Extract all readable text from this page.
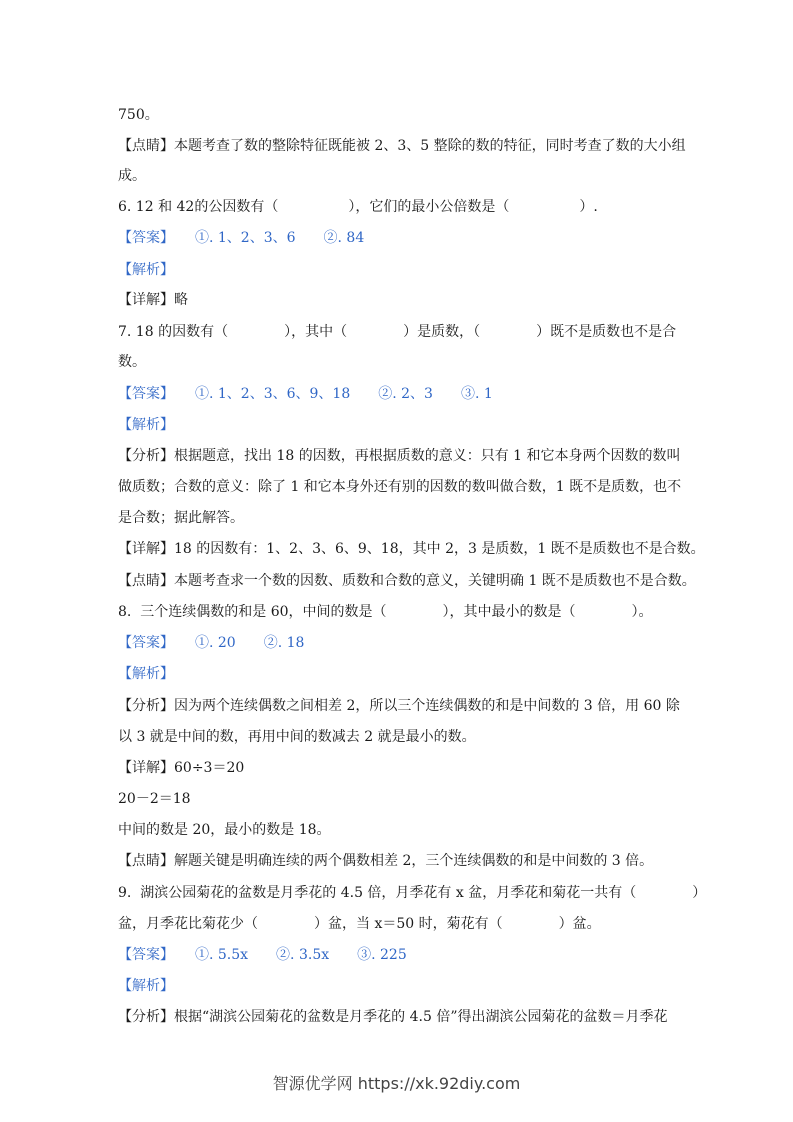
750。
【点睛】本题考查了数的整除特征既能被 2、3、5 整除的数的特征，同时考查了数的大小组
成。
6. 12 和 42的公因数有（　　　　　），它们的最小公倍数是（　　　　　）.
【答案】　　①. 1、2、3、6　　②. 84
【解析】
【详解】略
7. 18 的因数有（　　　　），其中（　　　　）是质数，（　　　　）既不是质数也不是合
数。
【答案】　　①. 1、2、3、6、9、18　　②. 2、3　　③. 1
【解析】
【分析】根据题意，找出 18 的因数，再根据质数的意义：只有 1 和它本身两个因数的数叫
做质数；合数的意义：除了 1 和它本身外还有别的因数的数叫做合数，1 既不是质数，也不
是合数；据此解答。
【详解】18 的因数有：1、2、3、6、9、18，其中 2，3 是质数，1 既不是质数也不是合数。
【点睛】本题考查求一个数的因数、质数和合数的意义，关键明确 1 既不是质数也不是合数。
8.  三个连续偶数的和是 60，中间的数是（　　　　），其中最小的数是（　　　　）。
【答案】　　①. 20　　②. 18
【解析】
【分析】因为两个连续偶数之间相差 2，所以三个连续偶数的和是中间数的 3 倍，用 60 除
以 3 就是中间的数，再用中间的数减去 2 就是最小的数。
【详解】60÷3＝20
20－2＝18
中间的数是 20，最小的数是 18。
【点睛】解题关键是明确连续的两个偶数相差 2，三个连续偶数的和是中间数的 3 倍。
9.  湖滨公园菊花的盆数是月季花的 4.5 倍，月季花有 x 盆，月季花和菊花一共有（　　　　）
盆，月季花比菊花少（　　　　）盆，当 x＝50 时，菊花有（　　　　）盆。
【答案】　　①. 5.5x　　②. 3.5x　　③. 225
【解析】
【分析】根据“湖滨公园菊花的盆数是月季花的 4.5 倍”得出湖滨公园菊花的盆数＝月季花
智源优学网 https://xk.92diy.com
